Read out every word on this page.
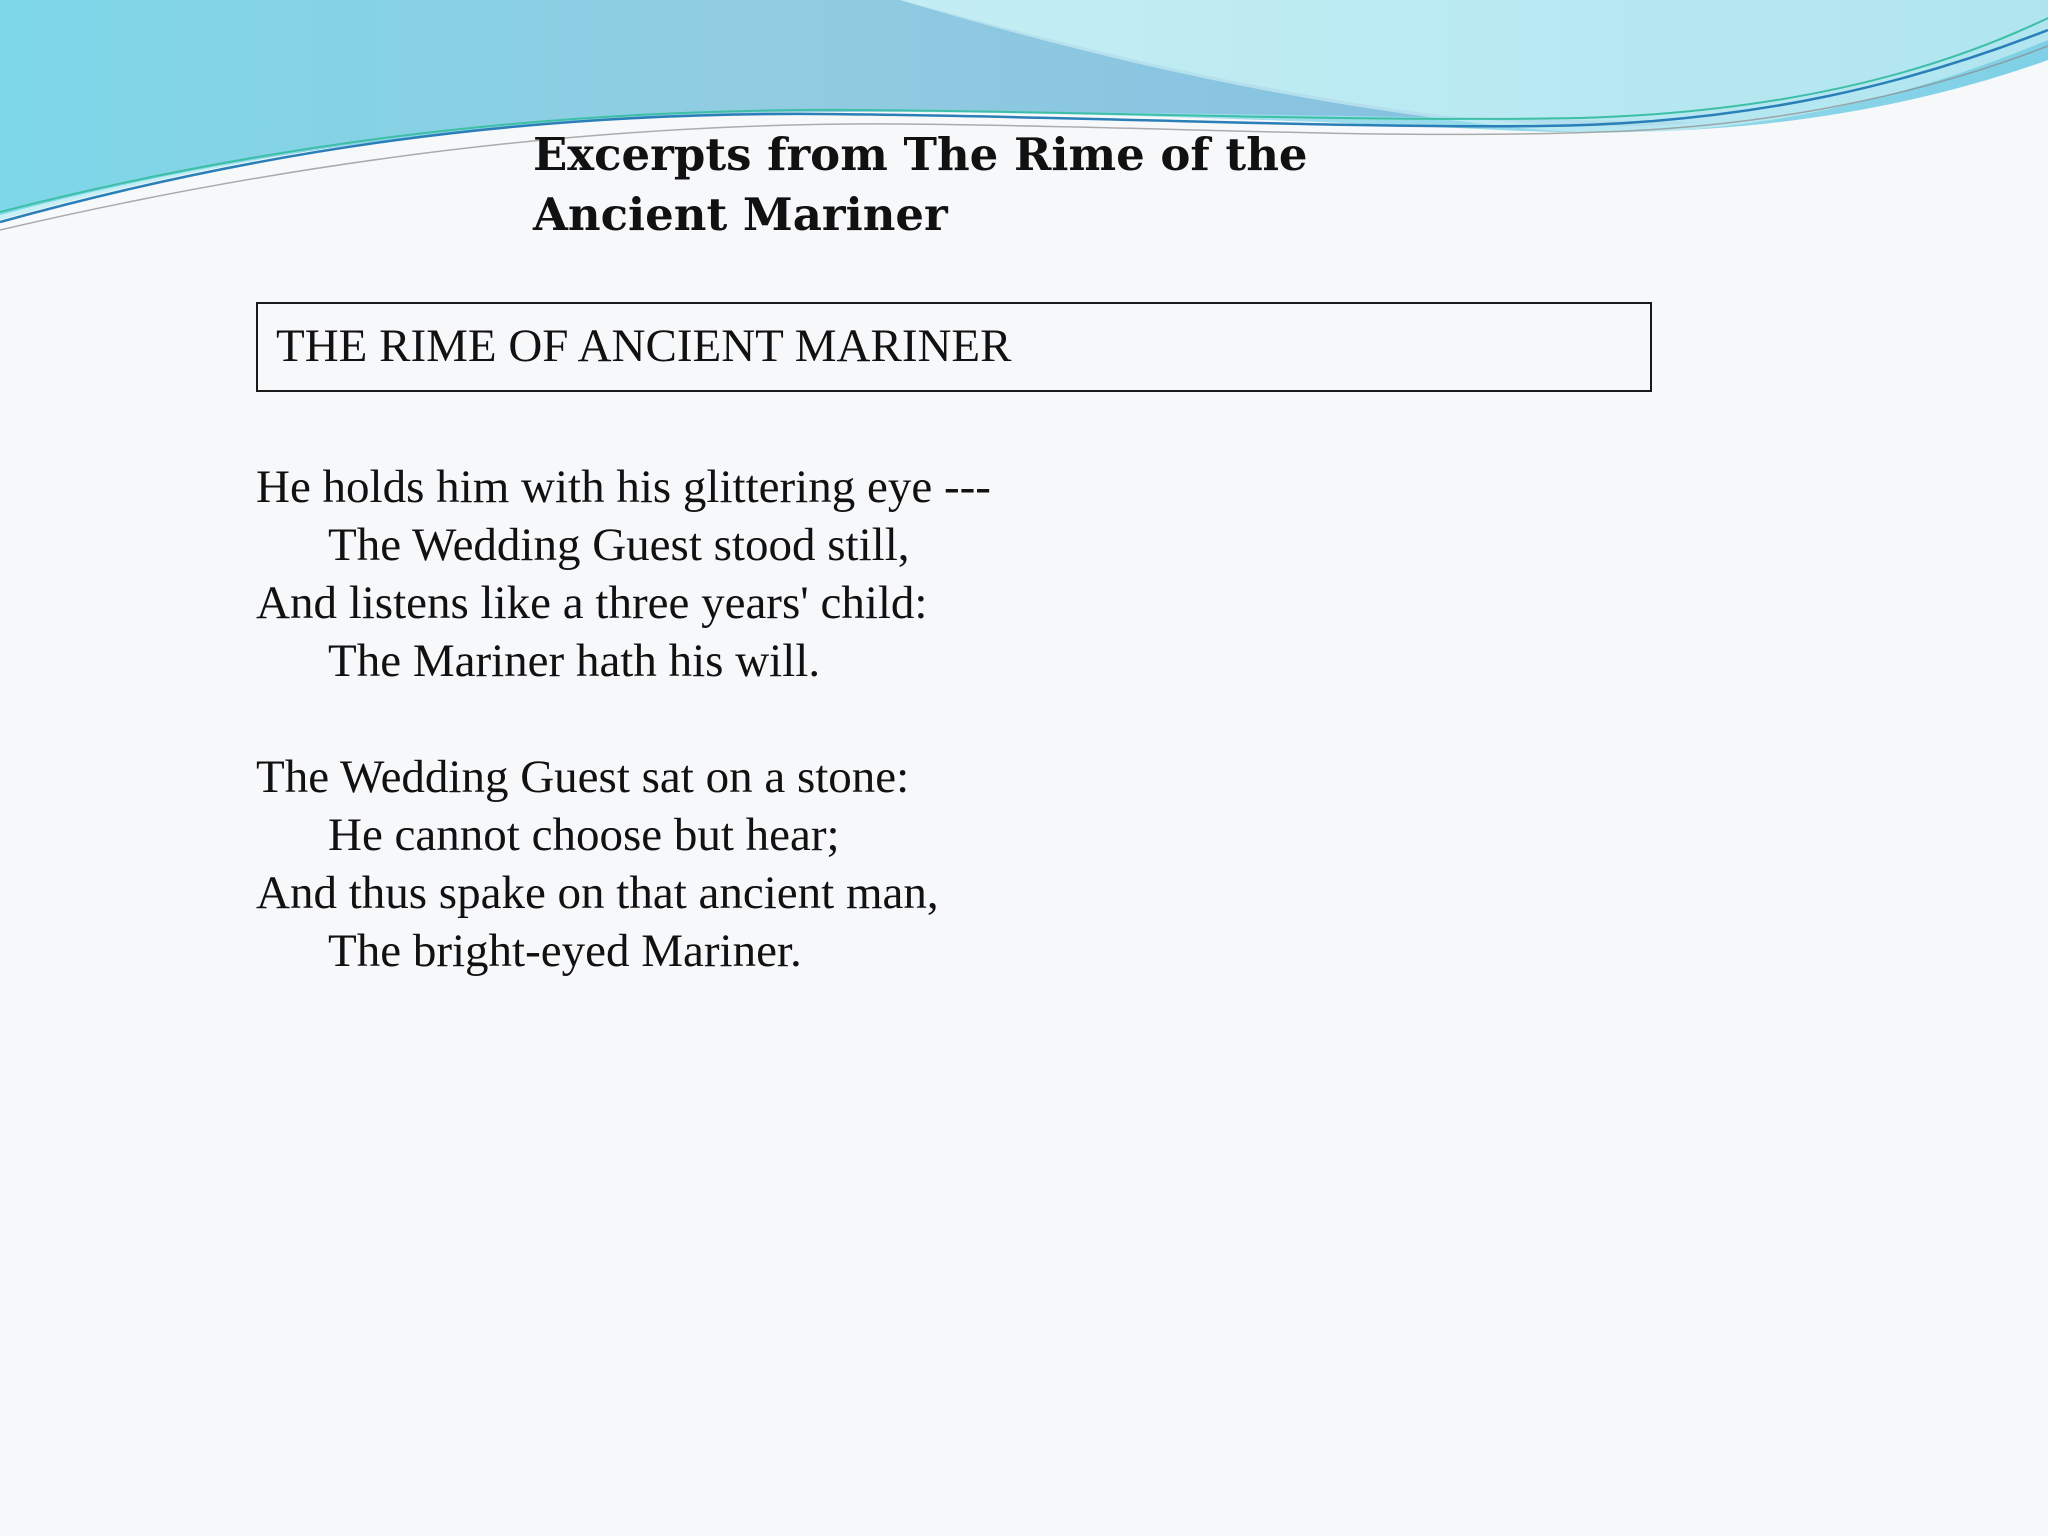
Excerpts from The Rime of the
Ancient Mariner
THE RIME OF ANCIENT MARINER
He holds him with his glittering eye ---
The Wedding Guest stood still,
And listens like a three years' child:
The Mariner hath his will.
The Wedding Guest sat on a stone:
He cannot choose but hear;
And thus spake on that ancient man,
The bright-eyed Mariner.
